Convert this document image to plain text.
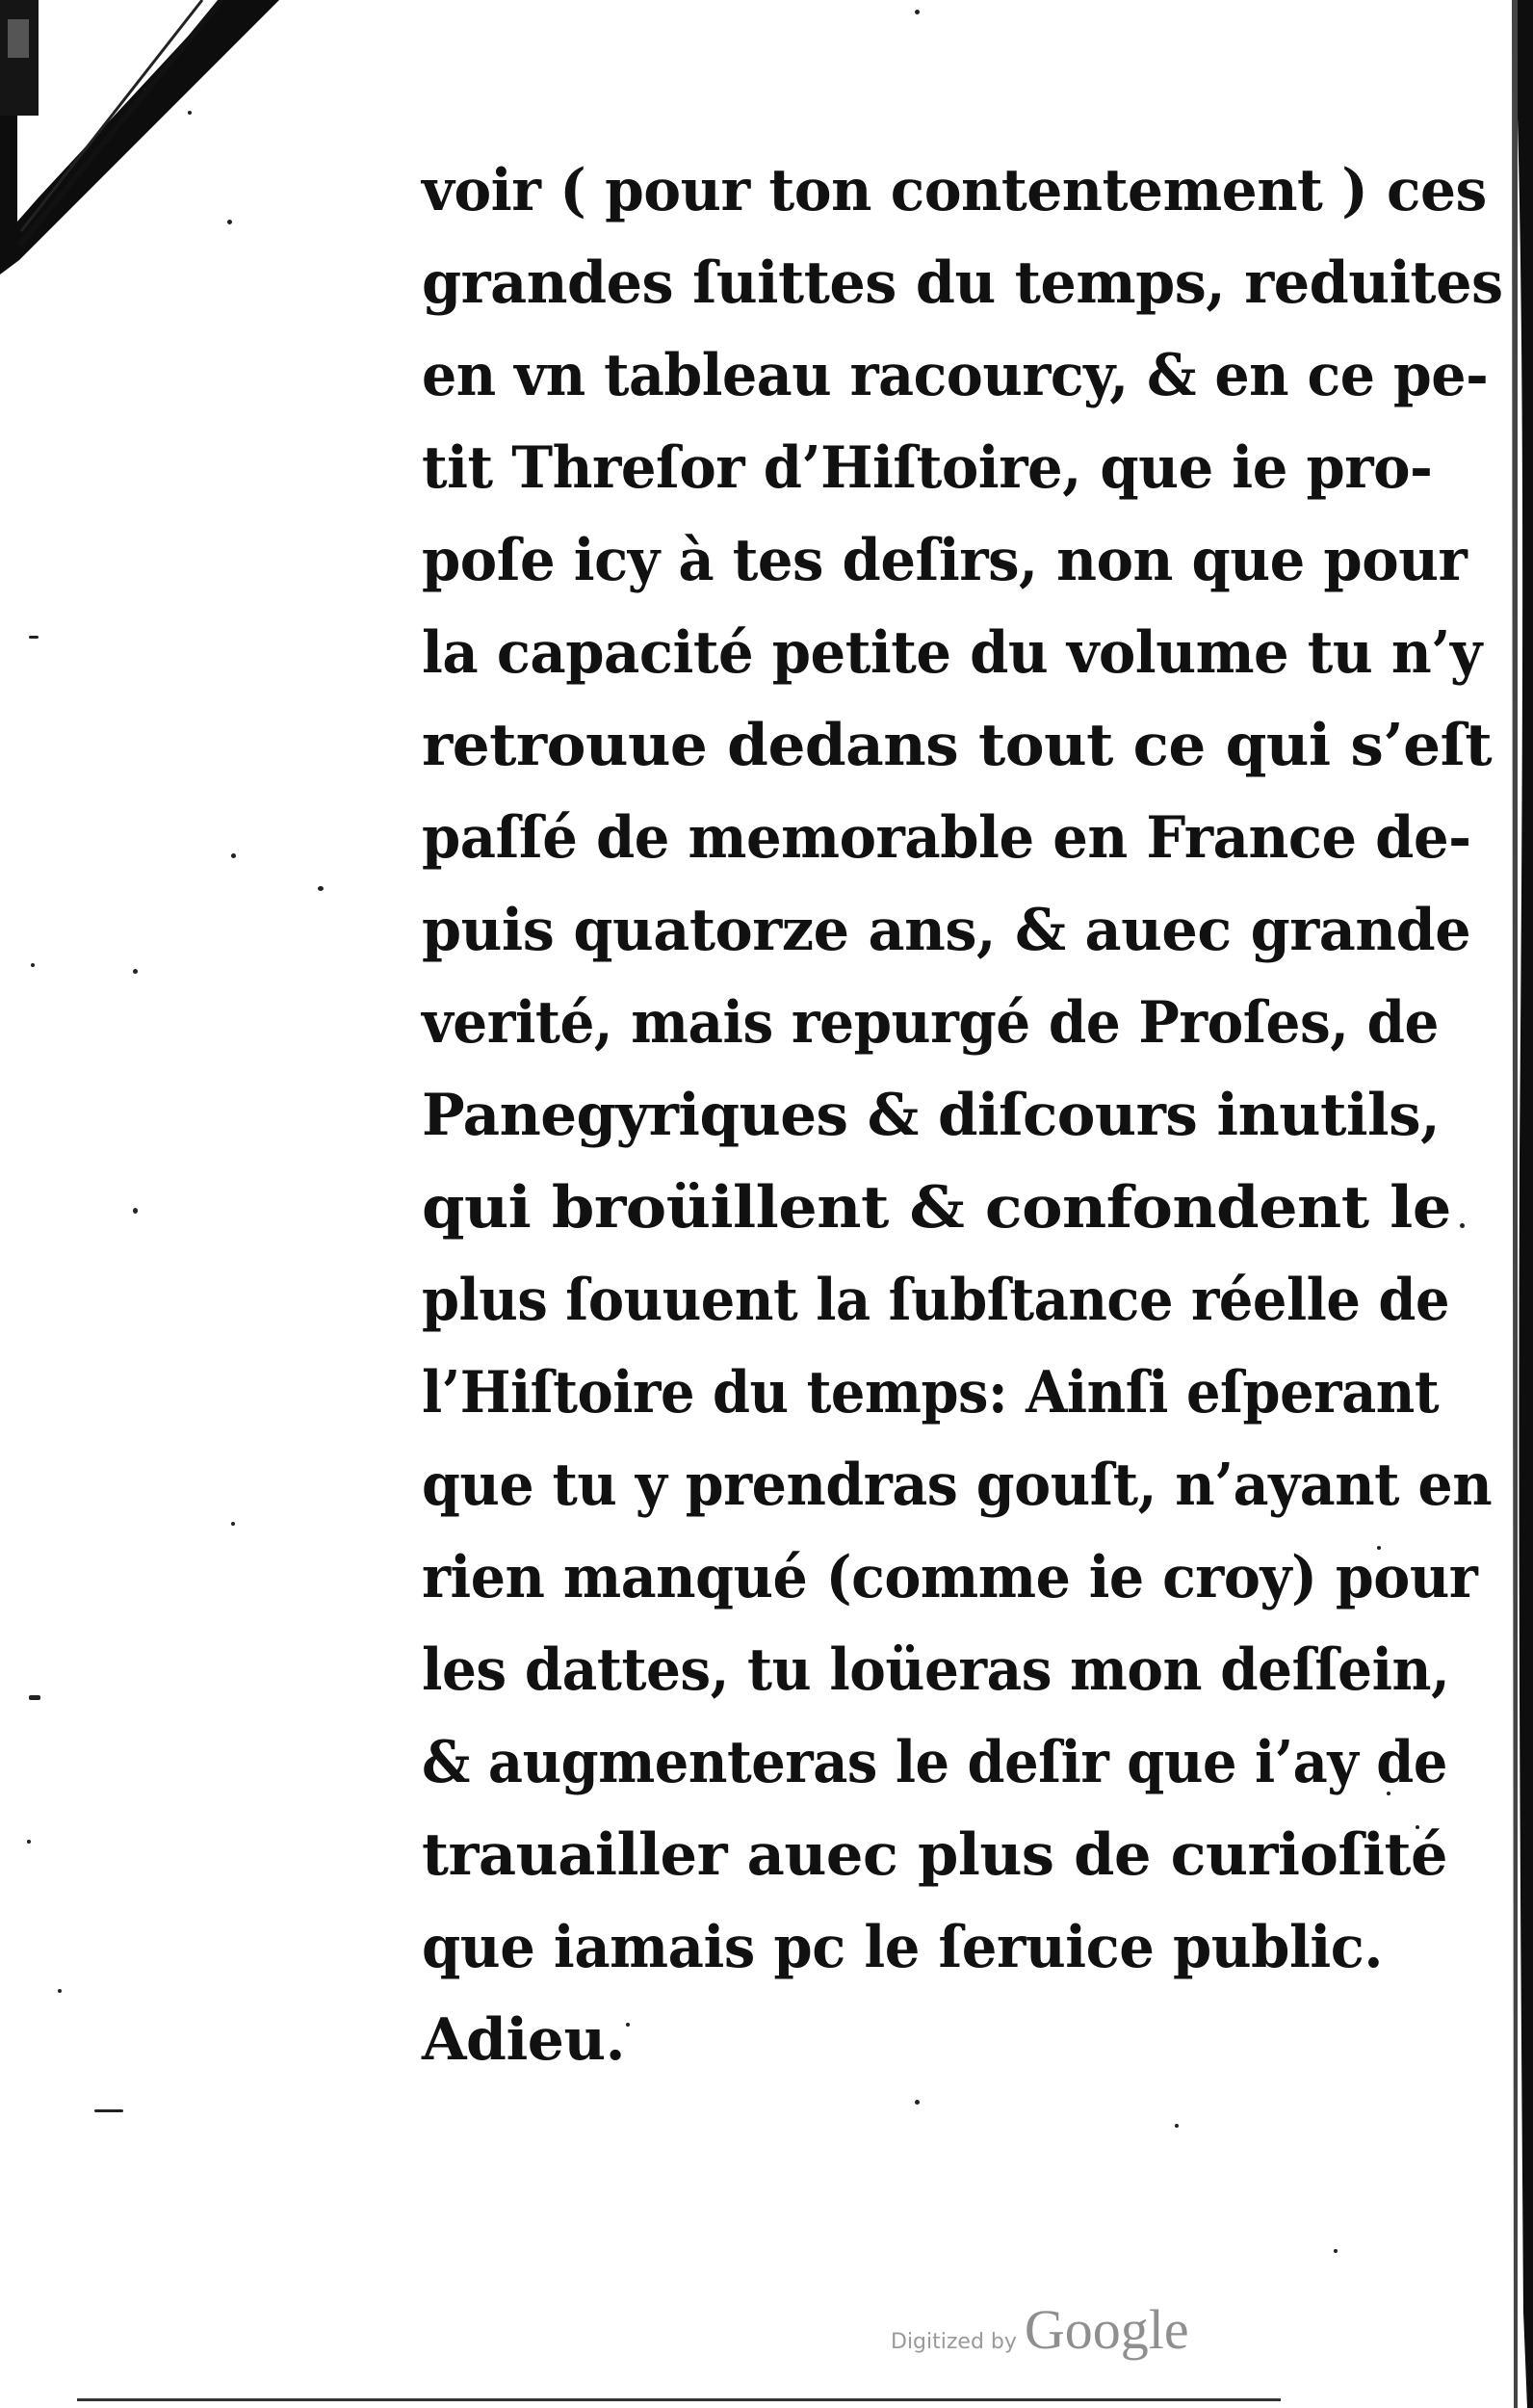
voir ( pour ton contentement ) ces
grandes ſuittes du temps, reduites
en vn tableau racourcy, & en ce pe-
tit Threſor d’Hiſtoire, que ie pro-
poſe icy à tes deſirs, non que pour
la capacité petite du volume tu n’y
retrouue dedans tout ce qui s’eſt
paſſé de memorable en France de-
puis quatorze ans, & auec grande
verité, mais repurgé de Proſes, de
Panegyriques & diſcours inutils,
qui broüillent & confondent le
plus ſouuent la ſubſtance réelle de
l’Hiſtoire du temps: Ainſi eſperant
que tu y prendras gouſt, n’ayant en
rien manqué (comme ie croy) pour
les dattes, tu loüeras mon deſſein,
& augmenteras le deſir que i’ay de
trauailler auec plus de curioſité
que iamais pc le ſeruice public.
Adieu.
Digitized by Google
